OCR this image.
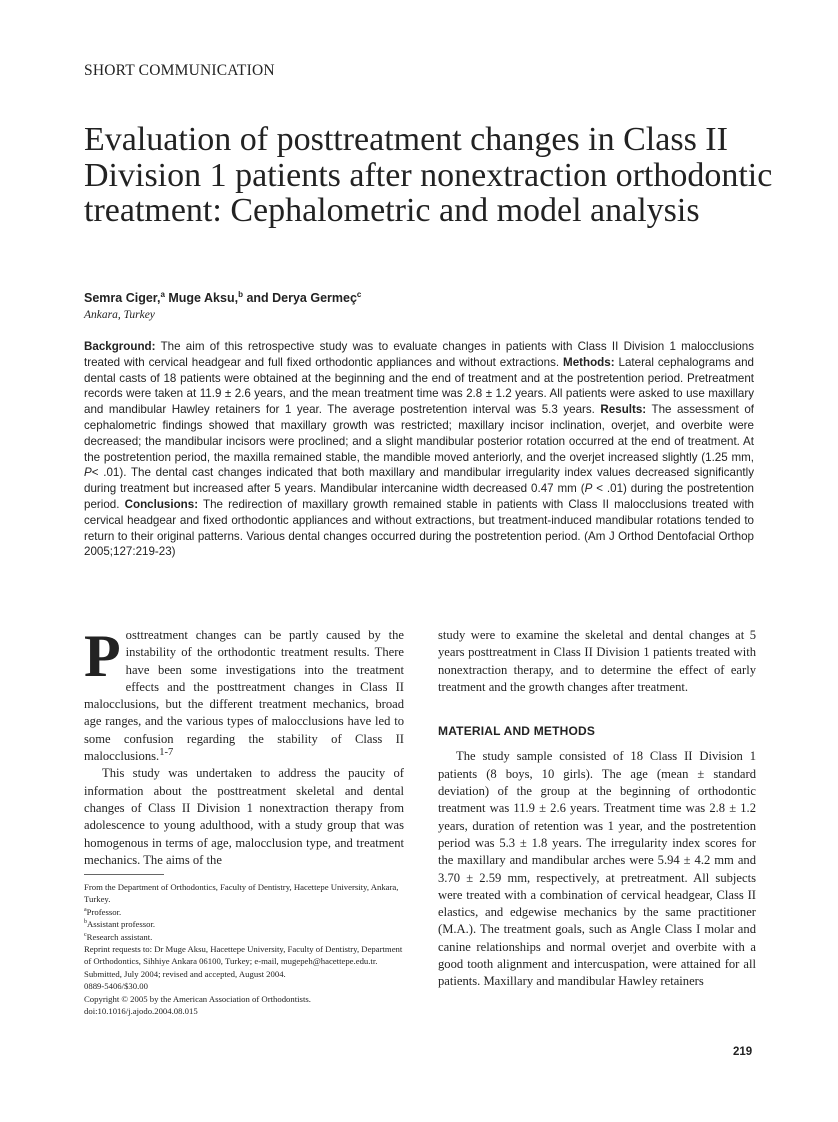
SHORT COMMUNICATION
Evaluation of posttreatment changes in Class II Division 1 patients after nonextraction orthodontic treatment: Cephalometric and model analysis
Semra Ciger,$^a$ Muge Aksu,$^b$ and Derya Germeç$^c$
Ankara, Turkey
Background: The aim of this retrospective study was to evaluate changes in patients with Class II Division 1 malocclusions treated with cervical headgear and full fixed orthodontic appliances and without extractions. Methods: Lateral cephalograms and dental casts of 18 patients were obtained at the beginning and the end of treatment and at the postretention period. Pretreatment records were taken at 11.9 ± 2.6 years, and the mean treatment time was 2.8 ± 1.2 years. All patients were asked to use maxillary and mandibular Hawley retainers for 1 year. The average postretention interval was 5.3 years. Results: The assessment of cephalometric findings showed that maxillary growth was restricted; maxillary incisor inclination, overjet, and overbite were decreased; the mandibular incisors were proclined; and a slight mandibular posterior rotation occurred at the end of treatment. At the postretention period, the maxilla remained stable, the mandible moved anteriorly, and the overjet increased slightly (1.25 mm, P< .01). The dental cast changes indicated that both maxillary and mandibular irregularity index values decreased significantly during treatment but increased after 5 years. Mandibular intercanine width decreased 0.47 mm (P < .01) during the postretention period. Conclusions: The redirection of maxillary growth remained stable in patients with Class II malocclusions treated with cervical headgear and fixed orthodontic appliances and without extractions, but treatment-induced mandibular rotations tended to return to their original patterns. Various dental changes occurred during the postretention period. (Am J Orthod Dentofacial Orthop 2005;127:219-23)

Posttreatment changes can be partly caused by the instability of the orthodontic treatment results. There have been some investigations into the treatment effects and the posttreatment changes in Class II malocclusions, but the different treatment mechanics, broad age ranges, and the various types of malocclusions have led to some confusion regarding the stability of Class II malocclusions.$^{1-7}$

This study was undertaken to address the paucity of information about the posttreatment skeletal and dental changes of Class II Division 1 nonextraction therapy from adolescence to young adulthood, with a study group that was homogenous in terms of age, malocclusion type, and treatment mechanics. The aims of the

From the Department of Orthodontics, Faculty of Dentistry, Hacettepe University, Ankara, Turkey.
$^a$Professor.
$^b$Assistant professor.
$^c$Research assistant.
Reprint requests to: Dr Muge Aksu, Hacettepe University, Faculty of Dentistry, Department of Orthodontics, Sihhiye Ankara 06100, Turkey; e-mail, mugepeh@hacettepe.edu.tr.
Submitted, July 2004; revised and accepted, August 2004.
0889-5406/$30.00
Copyright © 2005 by the American Association of Orthodontists.
doi:10.1016/j.ajodo.2004.08.015

study were to examine the skeletal and dental changes at 5 years posttreatment in Class II Division 1 patients treated with nonextraction therapy, and to determine the effect of early treatment and the growth changes after treatment.

MATERIAL AND METHODS

The study sample consisted of 18 Class II Division 1 patients (8 boys, 10 girls). The age (mean ± standard deviation) of the group at the beginning of orthodontic treatment was 11.9 ± 2.6 years. Treatment time was 2.8 ± 1.2 years, duration of retention was 1 year, and the postretention period was 5.3 ± 1.8 years. The irregularity index scores for the maxillary and mandibular arches were 5.94 ± 4.2 mm and 3.70 ± 2.59 mm, respectively, at pretreatment. All subjects were treated with a combination of cervical headgear, Class II elastics, and edgewise mechanics by the same practitioner (M.A.). The treatment goals, such as Angle Class I molar and canine relationships and normal overjet and overbite with a good tooth alignment and intercuspation, were attained for all patients. Maxillary and mandibular Hawley retainers

219
